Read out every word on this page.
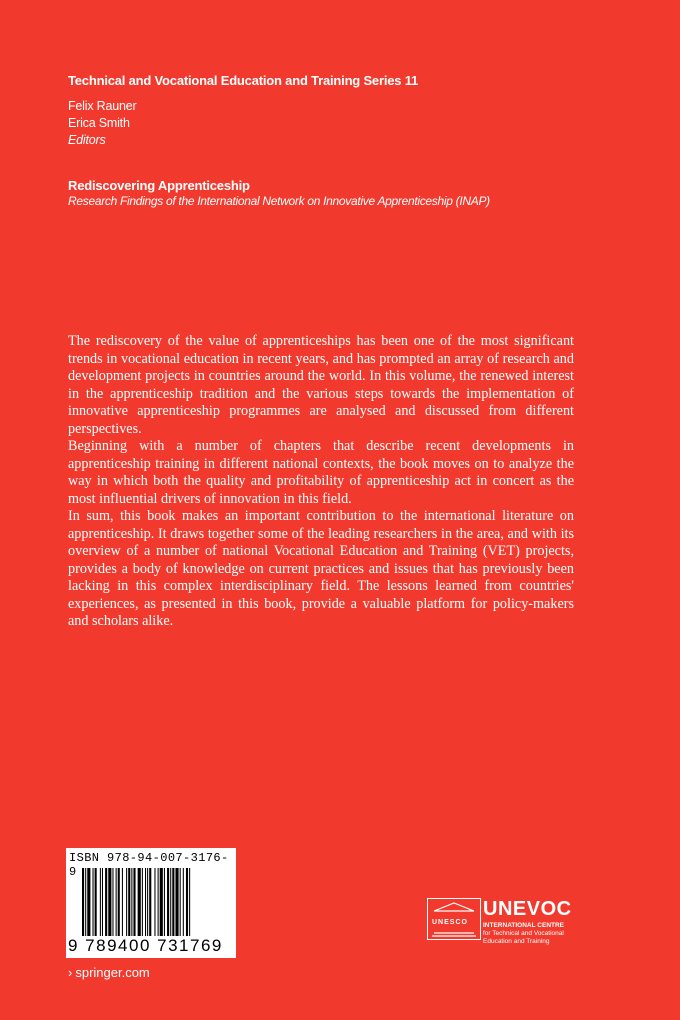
Technical and Vocational Education and Training Series 11
Felix Rauner
Erica Smith
Editors
Rediscovering Apprenticeship
Research Findings of the International Network on Innovative Apprenticeship (INAP)

The rediscovery of the value of apprenticeships has been one of the most significant trends in vocational education in recent years, and has prompted an array of research and development projects in countries around the world. In this volume, the renewed interest in the apprenticeship tradition and the various steps towards the implementation of innovative apprenticeship programmes are analysed and discussed from different perspectives.

Beginning with a number of chapters that describe recent developments in apprenticeship training in different national contexts, the book moves on to analyze the way in which both the quality and profitability of apprenticeship act in concert as the most influential drivers of innovation in this field.

In sum, this book makes an important contribution to the international literature on apprenticeship. It draws together some of the leading researchers in the area, and with its overview of a number of national Vocational Education and Training (VET) projects, provides a body of knowledge on current practices and issues that has previously been lacking in this complex interdisciplinary field. The lessons learned from countries' experiences, as presented in this book, provide a valuable platform for policy-makers and scholars alike.

ISBN 978-94-007-3176-9
9 789400 731769
› springer.com
UNESCO
UNEVOC
INTERNATIONAL CENTRE
for Technical and Vocational
Education and Training
